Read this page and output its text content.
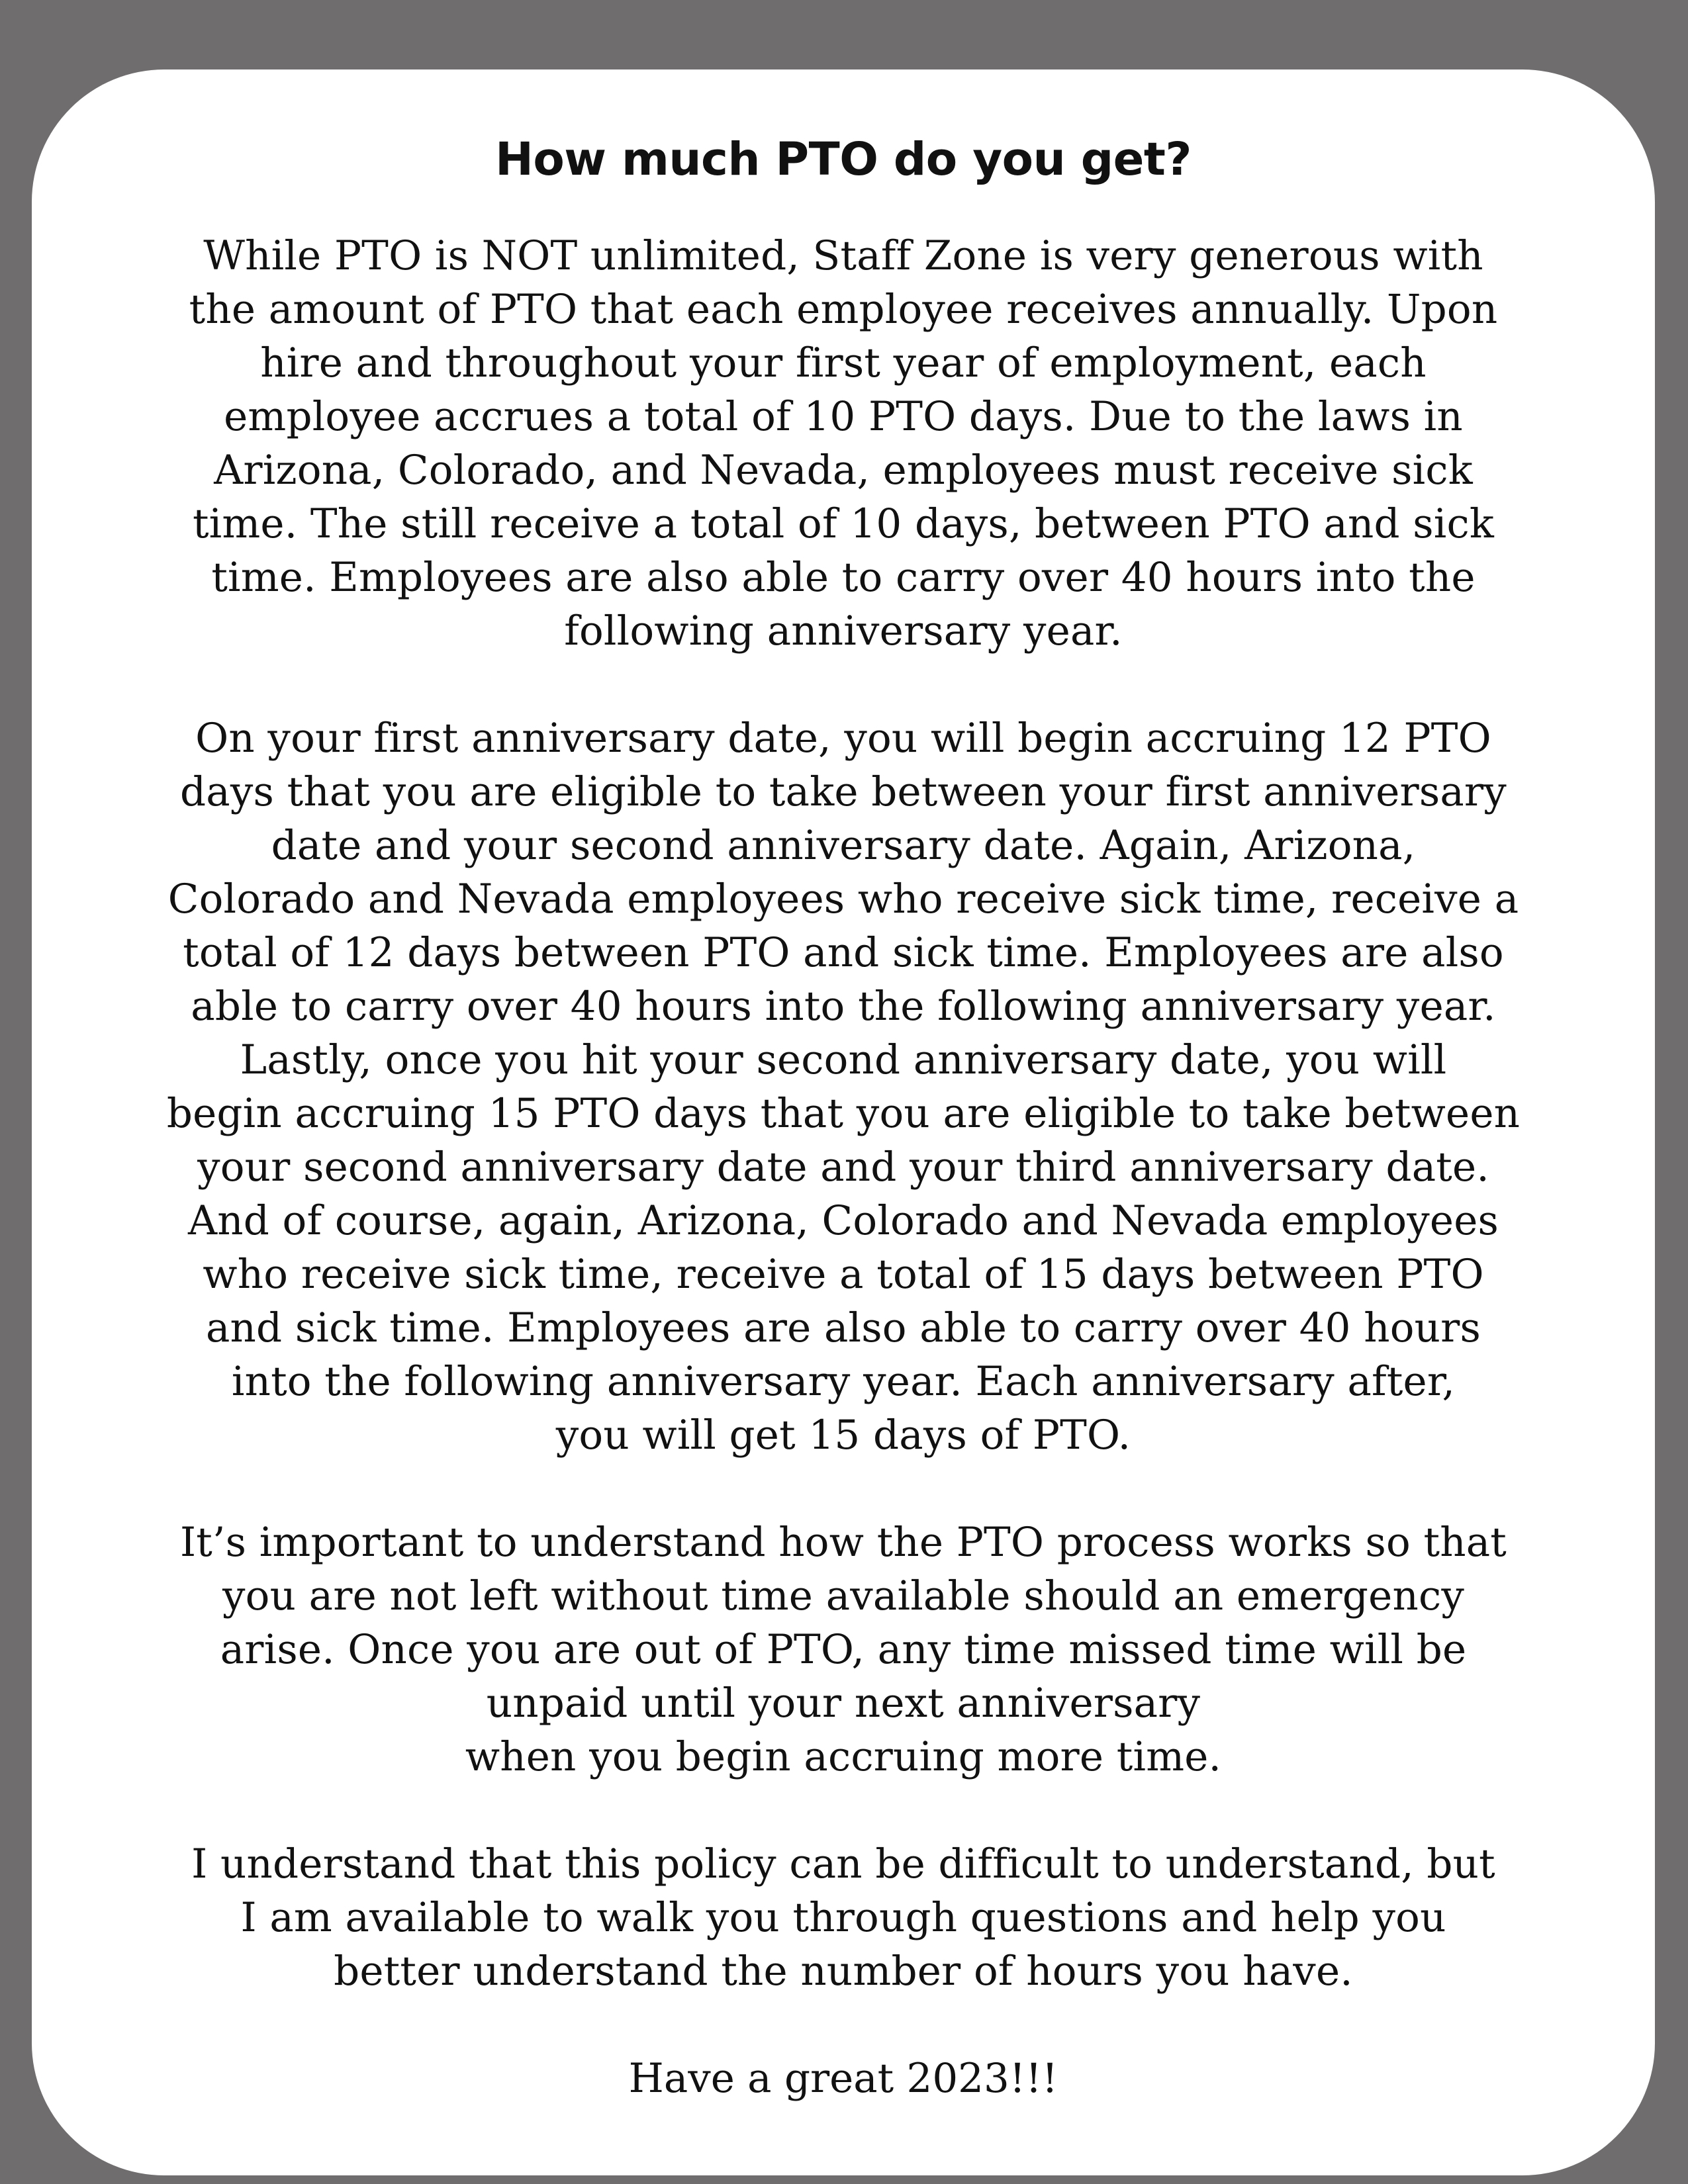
How much PTO do you get?

While PTO is NOT unlimited, Staff Zone is very generous with
the amount of PTO that each employee receives annually. Upon
hire and throughout your first year of employment, each
employee accrues a total of 10 PTO days. Due to the laws in
Arizona, Colorado, and Nevada, employees must receive sick
time. The still receive a total of 10 days, between PTO and sick
time. Employees are also able to carry over 40 hours into the
following anniversary year.

On your first anniversary date, you will begin accruing 12 PTO
days that you are eligible to take between your first anniversary
date and your second anniversary date. Again, Arizona,
Colorado and Nevada employees who receive sick time, receive a
total of 12 days between PTO and sick time. Employees are also
able to carry over 40 hours into the following anniversary year.
Lastly, once you hit your second anniversary date, you will
begin accruing 15 PTO days that you are eligible to take between
your second anniversary date and your third anniversary date.
And of course, again, Arizona, Colorado and Nevada employees
who receive sick time, receive a total of 15 days between PTO
and sick time. Employees are also able to carry over 40 hours
into the following anniversary year. Each anniversary after,
you will get 15 days of PTO.

It’s important to understand how the PTO process works so that
you are not left without time available should an emergency
arise. Once you are out of PTO, any time missed time will be
unpaid until your next anniversary
when you begin accruing more time.

I understand that this policy can be difficult to understand, but
I am available to walk you through questions and help you
better understand the number of hours you have.

Have a great 2023!!!
